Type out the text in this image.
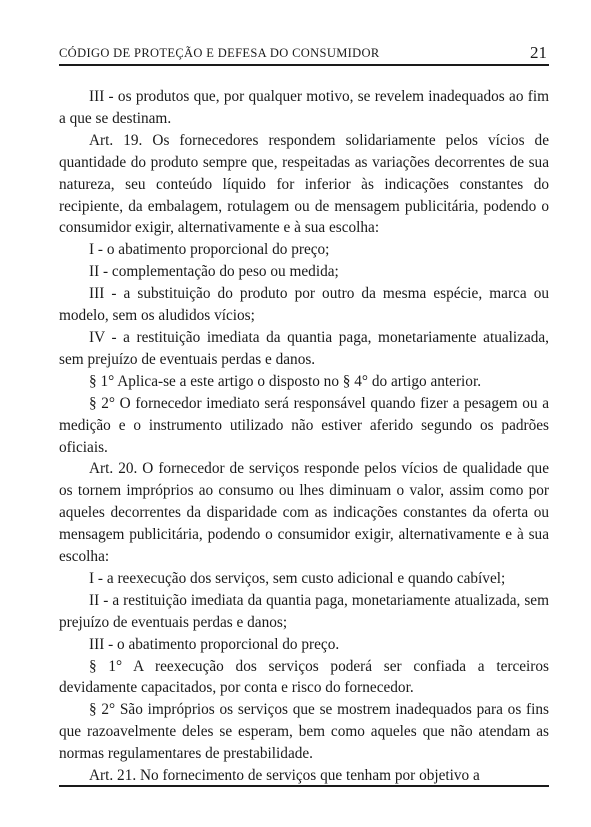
CÓDIGO DE PROTEÇÃO E DEFESA DO CONSUMIDOR	21

III - os produtos que, por qualquer motivo, se revelem inadequados ao fim a que se destinam.

Art. 19. Os fornecedores respondem solidariamente pelos vícios de quantidade do produto sempre que, respeitadas as variações decorrentes de sua natureza, seu conteúdo líquido for inferior às indicações constantes do recipiente, da embalagem, rotulagem ou de mensagem publicitária, podendo o consumidor exigir, alternativamente e à sua escolha:

I - o abatimento proporcional do preço;

II - complementação do peso ou medida;

III - a substituição do produto por outro da mesma espécie, marca ou modelo, sem os aludidos vícios;

IV - a restituição imediata da quantia paga, monetariamente atualizada, sem prejuízo de eventuais perdas e danos.

§ 1° Aplica-se a este artigo o disposto no § 4° do artigo anterior.

§ 2° O fornecedor imediato será responsável quando fizer a pesagem ou a medição e o instrumento utilizado não estiver aferido segundo os padrões oficiais.

Art. 20. O fornecedor de serviços responde pelos vícios de qualidade que os tornem impróprios ao consumo ou lhes diminuam o valor, assim como por aqueles decorrentes da disparidade com as indicações constantes da oferta ou mensagem publicitária, podendo o consumidor exigir, alternativamente e à sua escolha:

I - a reexecução dos serviços, sem custo adicional e quando cabível;

II - a restituição imediata da quantia paga, monetariamente atualizada, sem prejuízo de eventuais perdas e danos;

III - o abatimento proporcional do preço.

§ 1° A reexecução dos serviços poderá ser confiada a terceiros devidamente capacitados, por conta e risco do fornecedor.

§ 2° São impróprios os serviços que se mostrem inadequados para os fins que razoavelmente deles se esperam, bem como aqueles que não atendam as normas regulamentares de prestabilidade.

Art. 21. No fornecimento de serviços que tenham por objetivo a
